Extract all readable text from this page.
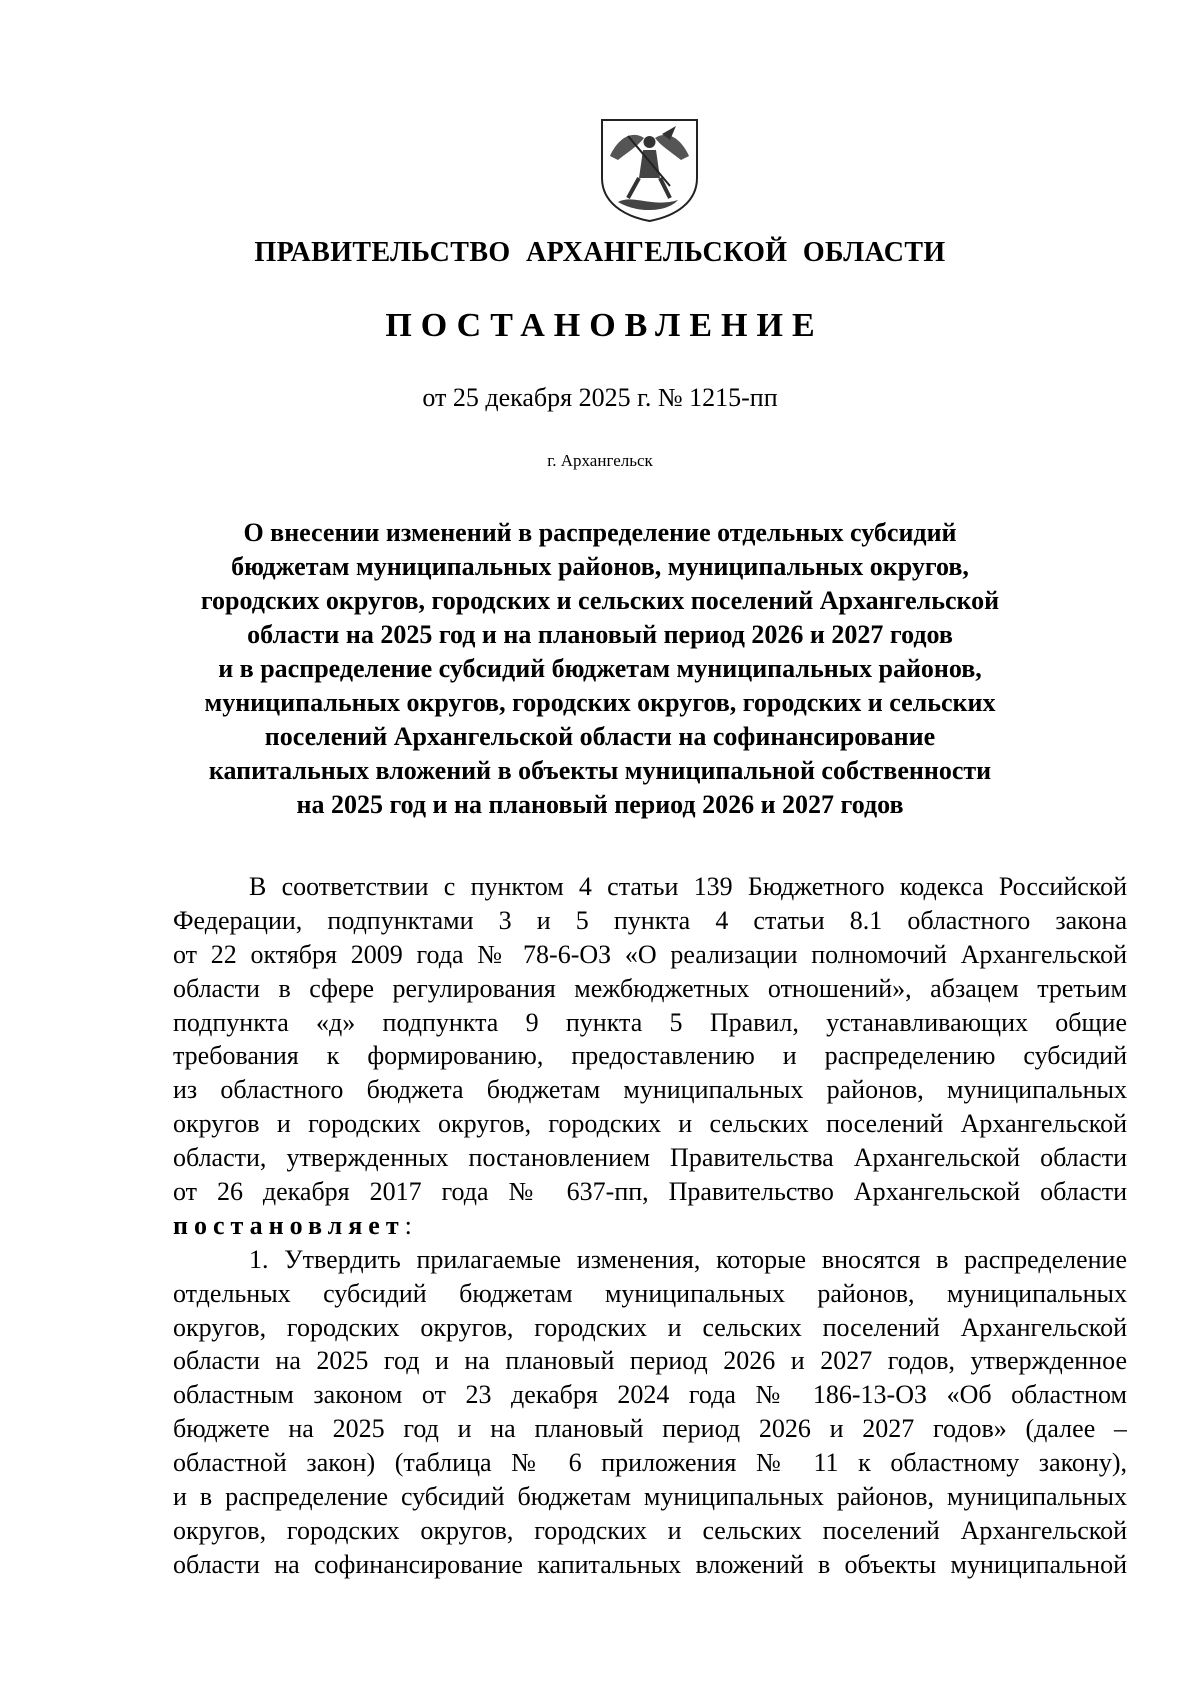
ПРАВИТЕЛЬСТВО АРХАНГЕЛЬСКОЙ ОБЛАСТИ
ПОСТАНОВЛЕНИЕ
от 25 декабря 2025 г. № 1215-пп
г. Архангельск
О внесении изменений в распределение отдельных субсидий
бюджетам муниципальных районов, муниципальных округов,
городских округов, городских и сельских поселений Архангельской
области на 2025 год и на плановый период 2026 и 2027 годов
и в распределение субсидий бюджетам муниципальных районов,
муниципальных округов, городских округов, городских и сельских
поселений Архангельской области на софинансирование
капитальных вложений в объекты муниципальной собственности
на 2025 год и на плановый период 2026 и 2027 годов
В соответствии с пунктом 4 статьи 139 Бюджетного кодекса Российской
Федерации, подпунктами 3 и 5 пункта 4 статьи 8.1 областного закона
от 22 октября 2009 года № 78-6-ОЗ «О реализации полномочий Архангельской
области в сфере регулирования межбюджетных отношений», абзацем третьим
подпункта «д» подпункта 9 пункта 5 Правил, устанавливающих общие
требования к формированию, предоставлению и распределению субсидий
из областного бюджета бюджетам муниципальных районов, муниципальных
округов и городских округов, городских и сельских поселений Архангельской
области, утвержденных постановлением Правительства Архангельской области
от 26 декабря 2017 года № 637-пп, Правительство Архангельской области
постановляет:
1. Утвердить прилагаемые изменения, которые вносятся в распределение
отдельных субсидий бюджетам муниципальных районов, муниципальных
округов, городских округов, городских и сельских поселений Архангельской
области на 2025 год и на плановый период 2026 и 2027 годов, утвержденное
областным законом от 23 декабря 2024 года № 186-13-ОЗ «Об областном
бюджете на 2025 год и на плановый период 2026 и 2027 годов» (далее –
областной закон) (таблица № 6 приложения № 11 к областному закону),
и в распределение субсидий бюджетам муниципальных районов, муниципальных
округов, городских округов, городских и сельских поселений Архангельской
области на софинансирование капитальных вложений в объекты муниципальной
